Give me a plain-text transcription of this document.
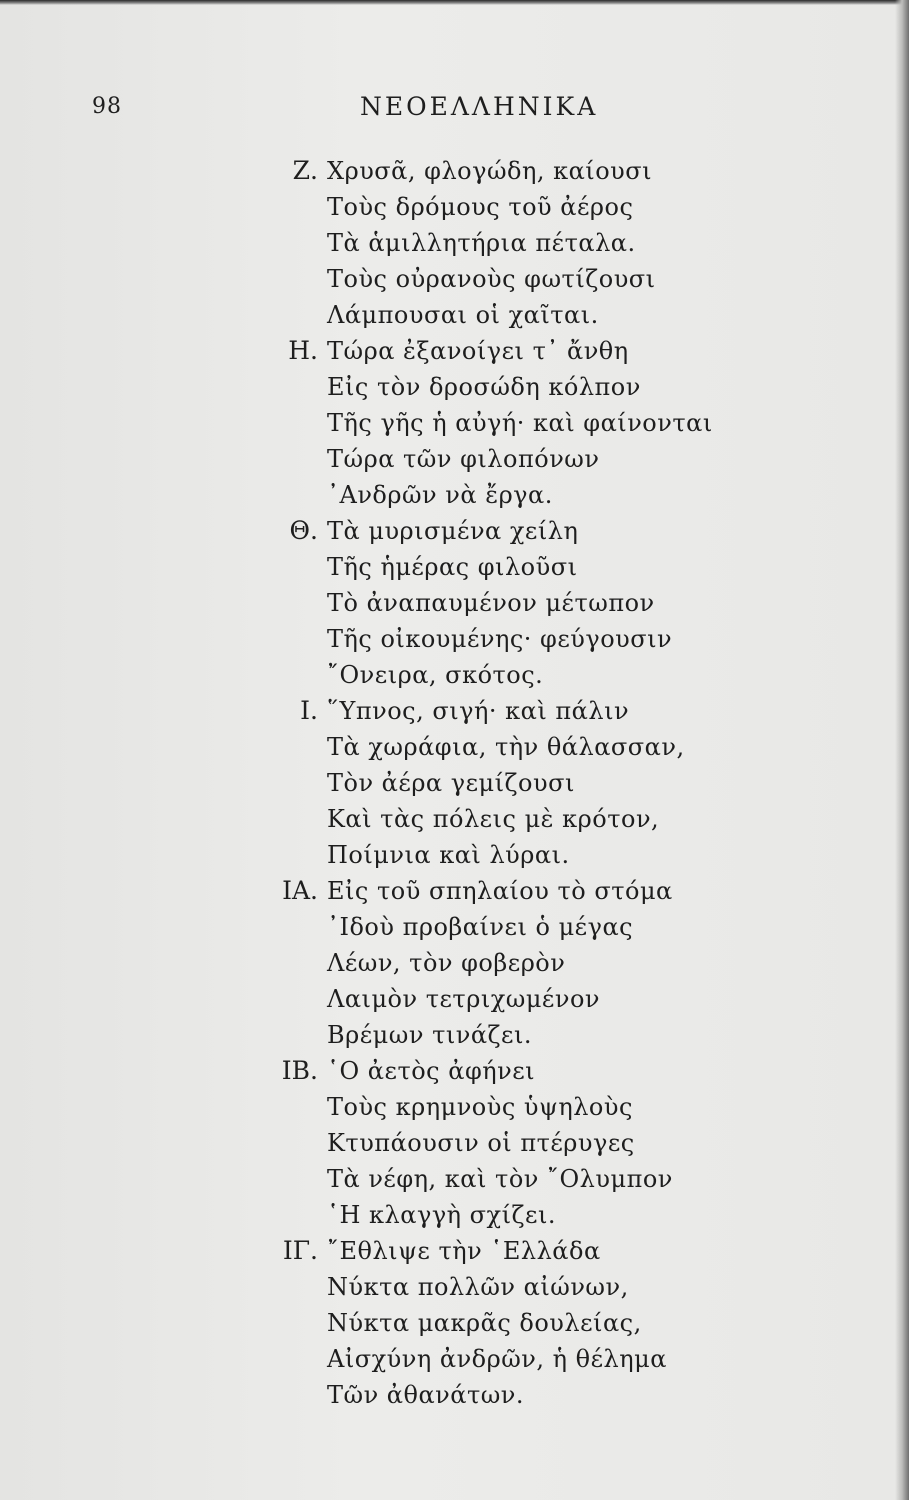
98	ΝΕΟΕΛΛΗΝΙΚΑ
Ζ. Χρυσᾶ, φλογώδη, καίουσι
Τοὺς δρόμους τοῦ ἀέρος
Τὰ ἁμιλλητήρια πέταλα.
Τοὺς οὐρανοὺς φωτίζουσι
Λάμπουσαι οἱ χαῖται.
Η. Τώρα ἐξανοίγει τ᾽ ἄνθη
Εἰς τὸν δροσώδη κόλπον
Τῆς γῆς ἡ αὐγή· καὶ φαίνονται
Τώρα τῶν φιλοπόνων
᾽Ανδρῶν νὰ ἔργα.
Θ. Τὰ μυρισμένα χείλη
Τῆς ἡμέρας φιλοῦσι
Τὸ ἀναπαυμένον μέτωπον
Τῆς οἰκουμένης· φεύγουσιν
῎Ονειρα, σκότος.
Ι. ῞Υπνος, σιγή· καὶ πάλιν
Τὰ χωράφια, τὴν θάλασσαν,
Τὸν ἀέρα γεμίζουσι
Καὶ τὰς πόλεις μὲ κρότον,
Ποίμνια καὶ λύραι.
ΙΑ. Εἰς τοῦ σπηλαίου τὸ στόμα
᾽Ιδοὺ προβαίνει ὁ μέγας
Λέων, τὸν φοβερὸν
Λαιμὸν τετριχωμένον
Βρέμων τινάζει.
ΙΒ. ῾Ο ἀετὸς ἀφήνει
Τοὺς κρημνοὺς ὑψηλοὺς
Κτυπάουσιν οἱ πτέρυγες
Τὰ νέφη, καὶ τὸν ῎Ολυμπον
῾Η κλαγγὴ σχίζει.
ΙΓ. ῎Εθλιψε τὴν ῾Ελλάδα
Νύκτα πολλῶν αἰώνων,
Νύκτα μακρᾶς δουλείας,
Αἰσχύνη ἀνδρῶν, ἡ θέλημα
Τῶν ἀθανάτων.
